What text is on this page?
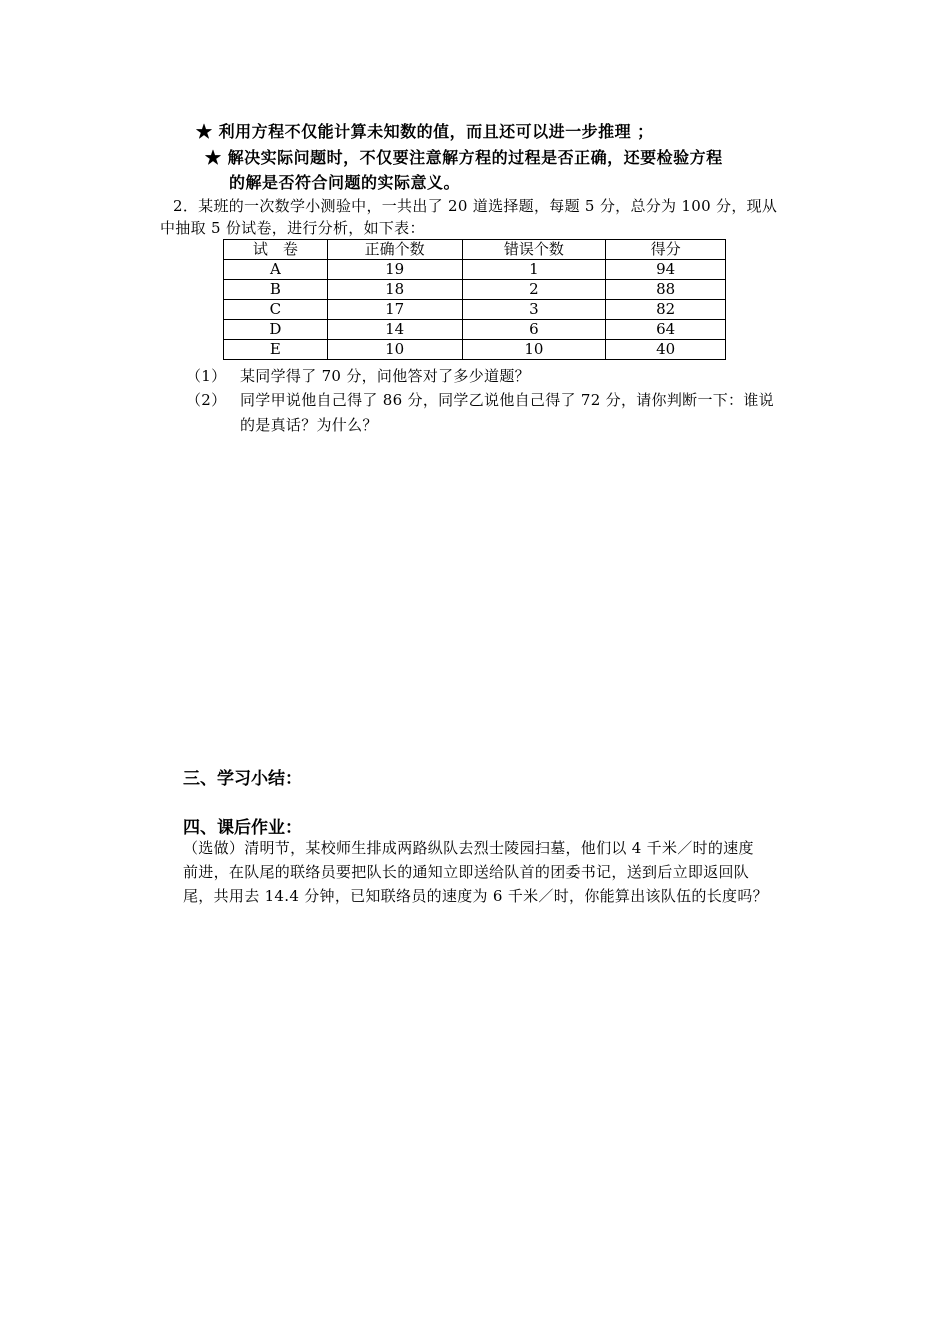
★ 利用方程不仅能计算未知数的值，而且还可以进一步推理 ；
★ 解决实际问题时，不仅要注意解方程的过程是否正确，还要检验方程
的解是否符合问题的实际意义。
2．某班的一次数学小测验中，一共出了 20 道选择题，每题 5 分，总分为 100 分，现从
中抽取 5 份试卷，进行分析，如下表：
试　卷	正确个数	错误个数	得分
A	19	1	94
B	18	2	88
C	17	3	82
D	14	6	64
E	10	10	40
（1） 某同学得了 70 分，问他答对了多少道题？
（2） 同学甲说他自己得了 86 分，同学乙说他自己得了 72 分，请你判断一下：谁说
的是真话？为什么？
三、学习小结：
四、课后作业：
（选做）清明节，某校师生排成两路纵队去烈士陵园扫墓，他们以 4 千米／时的速度
前进，在队尾的联络员要把队长的通知立即送给队首的团委书记，送到后立即返回队
尾，共用去 14.4 分钟，已知联络员的速度为 6 千米／时，你能算出该队伍的长度吗？
